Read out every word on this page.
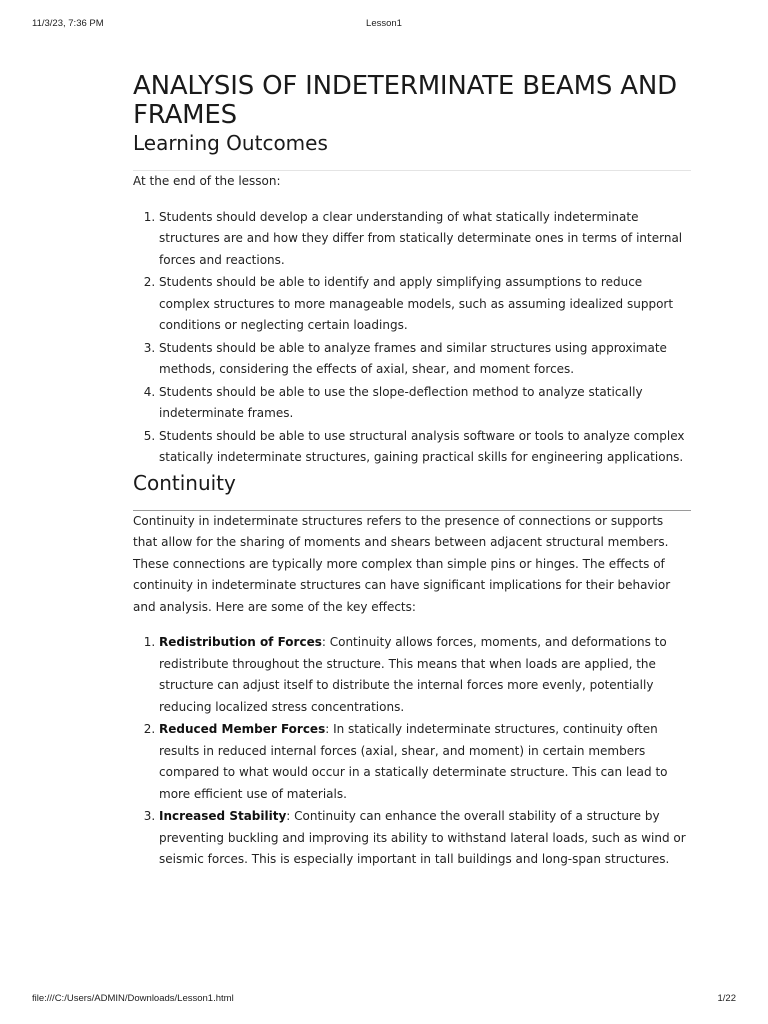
Lesson1
11/3/23, 7:36 PM
ANALYSIS OF INDETERMINATE BEAMS AND FRAMES
Learning Outcomes

At the end of the lesson:

1. Students should develop a clear understanding of what statically indeterminate structures are and how they differ from statically determinate ones in terms of internal forces and reactions.
2. Students should be able to identify and apply simplifying assumptions to reduce complex structures to more manageable models, such as assuming idealized support conditions or neglecting certain loadings.
3. Students should be able to analyze frames and similar structures using approximate methods, considering the effects of axial, shear, and moment forces.
4. Students should be able to use the slope-deflection method to analyze statically indeterminate frames.
5. Students should be able to use structural analysis software or tools to analyze complex statically indeterminate structures, gaining practical skills for engineering applications.
Continuity

Continuity in indeterminate structures refers to the presence of connections or supports that allow for the sharing of moments and shears between adjacent structural members. These connections are typically more complex than simple pins or hinges. The effects of continuity in indeterminate structures can have significant implications for their behavior and analysis. Here are some of the key effects:

1. Redistribution of Forces: Continuity allows forces, moments, and deformations to redistribute throughout the structure. This means that when loads are applied, the structure can adjust itself to distribute the internal forces more evenly, potentially reducing localized stress concentrations.
2. Reduced Member Forces: In statically indeterminate structures, continuity often results in reduced internal forces (axial, shear, and moment) in certain members compared to what would occur in a statically determinate structure. This can lead to more efficient use of materials.
3. Increased Stability: Continuity can enhance the overall stability of a structure by preventing buckling and improving its ability to withstand lateral loads, such as wind or seismic forces. This is especially important in tall buildings and long-span structures.
file:///C:/Users/ADMIN/Downloads/Lesson1.html	1/22
